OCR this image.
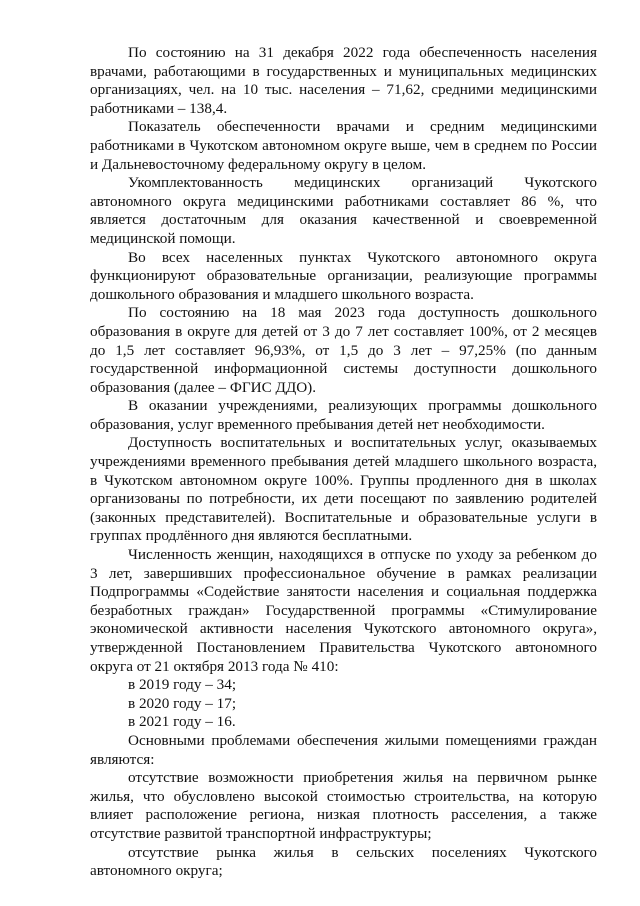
По состоянию на 31 декабря 2022 года обеспеченность населения врачами, работающими в государственных и муниципальных медицинских организациях, чел. на 10 тыс. населения – 71,62, средними медицинскими работниками – 138,4.

Показатель обеспеченности врачами и средним медицинскими работниками в Чукотском автономном округе выше, чем в среднем по России и Дальневосточному федеральному округу в целом.

Укомплектованность медицинских организаций Чукотского автономного округа медицинскими работниками составляет 86 %, что является достаточным для оказания качественной и своевременной медицинской помощи.

Во всех населенных пунктах Чукотского автономного округа функционируют образовательные организации, реализующие программы дошкольного образования и младшего школьного возраста.

По состоянию на 18 мая 2023 года доступность дошкольного образования в округе для детей от 3 до 7 лет составляет 100%, от 2 месяцев до 1,5 лет составляет 96,93%, от 1,5 до 3 лет – 97,25% (по данным государственной информационной системы доступности дошкольного образования (далее – ФГИС ДДО).

В оказании учреждениями, реализующих программы дошкольного образования, услуг временного пребывания детей нет необходимости.

Доступность воспитательных и воспитательных услуг, оказываемых учреждениями временного пребывания детей младшего школьного возраста, в Чукотском автономном округе 100%. Группы продленного дня в школах организованы по потребности, их дети посещают по заявлению родителей (законных представителей). Воспитательные и образовательные услуги в группах продлённого дня являются бесплатными.

Численность женщин, находящихся в отпуске по уходу за ребенком до 3 лет, завершивших профессиональное обучение в рамках реализации Подпрограммы «Содействие занятости населения и социальная поддержка безработных граждан» Государственной программы «Стимулирование экономической активности населения Чукотского автономного округа», утвержденной Постановлением Правительства Чукотского автономного округа от 21 октября 2013 года № 410:

в 2019 году – 34;

в 2020 году – 17;

в 2021 году – 16.

Основными проблемами обеспечения жилыми помещениями граждан являются:

отсутствие возможности приобретения жилья на первичном рынке жилья, что обусловлено высокой стоимостью строительства, на которую влияет расположение региона, низкая плотность расселения, а также отсутствие развитой транспортной инфраструктуры;

отсутствие рынка жилья в сельских поселениях Чукотского автономного округа;
